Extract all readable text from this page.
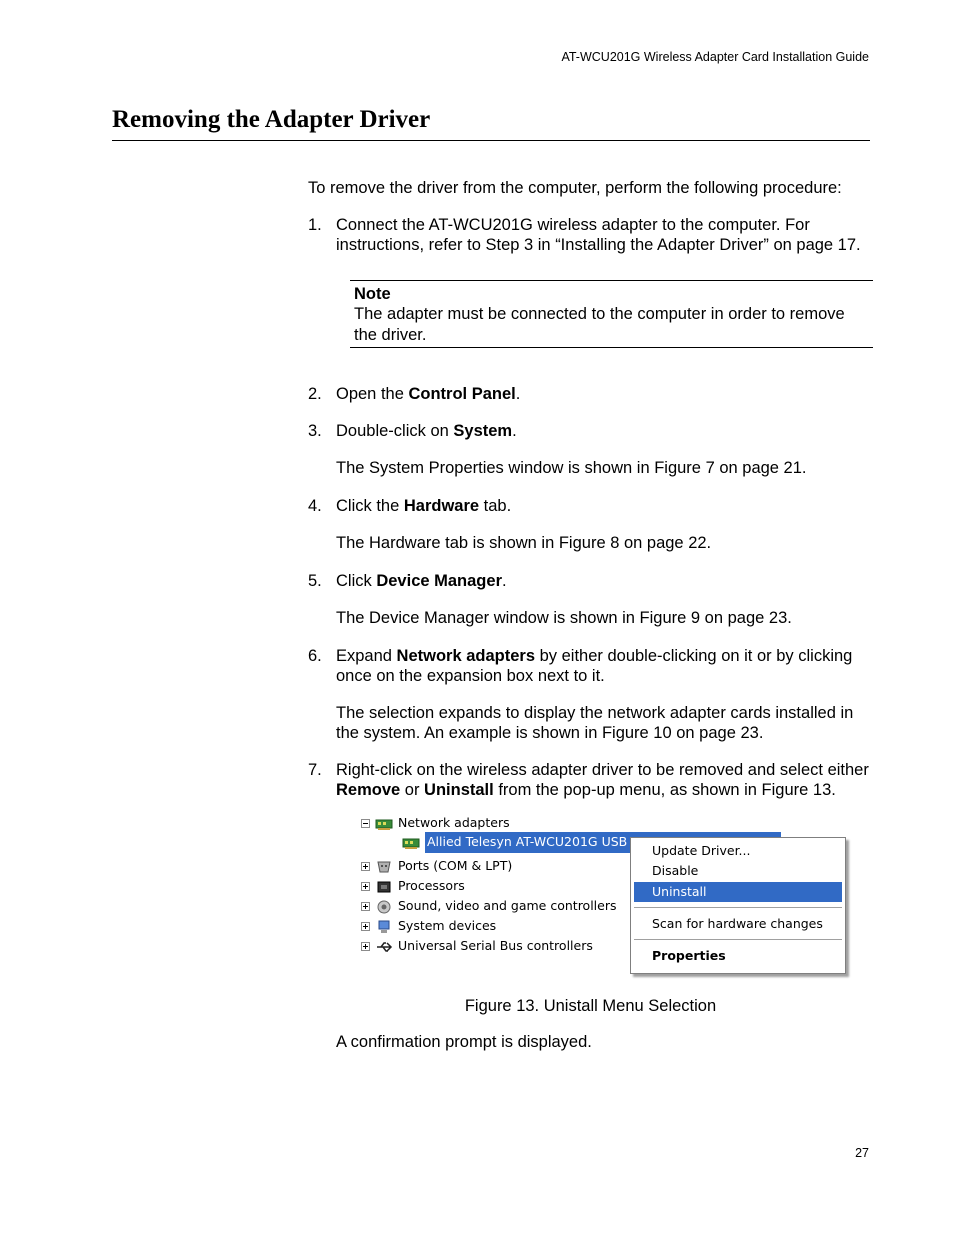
AT-WCU201G Wireless Adapter Card Installation Guide
Removing the Adapter Driver

To remove the driver from the computer, perform the following procedure:

1. Connect the AT-WCU201G wireless adapter to the computer. For instructions, refer to Step 3 in “Installing the Adapter Driver” on page 17.
Note
The adapter must be connected to the computer in order to remove the driver.
2. Open the Control Panel.
3. Double-click on System.
The System Properties window is shown in Figure 7 on page 21.
4. Click the Hardware tab.
The Hardware tab is shown in Figure 8 on page 22.
5. Click Device Manager.
The Device Manager window is shown in Figure 9 on page 23.
6. Expand Network adapters by either double-clicking on it or by clicking once on the expansion box next to it.
The selection expands to display the network adapter cards installed in the system. An example is shown in Figure 10 on page 23.
7. Right-click on the wireless adapter driver to be removed and select either Remove or Uninstall from the pop-up menu, as shown in Figure 13.
Network adapters
Allied Telesyn AT-WCU201G USB
Ports (COM & LPT)
Processors
Sound, video and game controllers
System devices
Universal Serial Bus controllers
Update Driver...
Disable
Uninstall
Scan for hardware changes
Properties
Figure 13. Unistall Menu Selection
A confirmation prompt is displayed.
27
